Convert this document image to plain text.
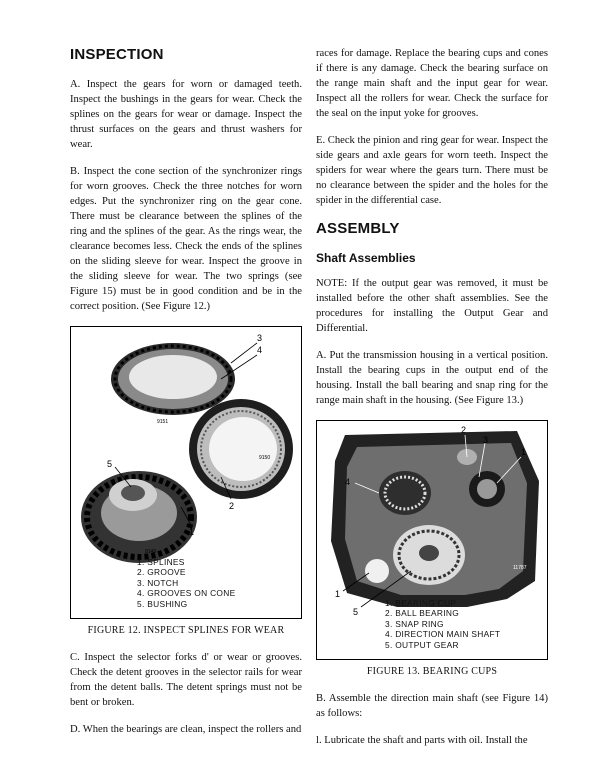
INSPECTION

A. Inspect the gears for worn or damaged teeth. Inspect the bushings in the gears for wear. Check the splines on the gears for wear or damage. Inspect the thrust surfaces on the gears and thrust washers for wear.

B. Inspect the cone section of the synchronizer rings for worn grooves. Check the three notches for worn edges. Put the synchronizer ring on the gear cone. There must be clearance between the splines of the ring and the splines of the gear. As the rings wear, the clearance becomes less. Check the ends of the splines on the sliding sleeve for wear. Inspect the groove in the sliding sleeve for wear. The two springs (see Figure 15) must be in good condition and be in the correct position. (See Figure 12.)

3
4
5
2
1
9151
9150
9149
1. SPLINES
2. GROOVE
3. NOTCH
4. GROOVES ON CONE
5. BUSHING
FIGURE 12. INSPECT SPLINES FOR WEAR

C. Inspect the selector forks d' or wear or grooves. Check the detent grooves in the selector rails for wear from the detent balls. The detent springs must not be bent or broken.

D. When the bearings are clean, inspect the rollers and

races for damage. Replace the bearing cups and cones if there is any damage. Check the bearing surface on the range main shaft and the input gear for wear. Inspect all the rollers for wear. Check the surface for the seal on the input yoke for grooves.

E. Check the pinion and ring gear for wear. Inspect the side gears and axle gears for worn teeth. Inspect the spiders for wear where the gears turn. There must be no clearance between the spider and the holes for the spider in the differential case.

ASSEMBLY
Shaft Assemblies

NOTE: If the output gear was removed, it must be installed before the other shaft assemblies. See the procedures for installing the Output Gear and Differential.

A. Put the transmission housing in a vertical position. Install the bearing cups in the output end of the housing. Install the ball bearing and snap ring for the range main shaft in the housing. (See Figure 13.)

2
3
1
4
1
5
11787
1. BEARING CUP
2. BALL BEARING
3. SNAP RING
4. DIRECTION MAIN SHAFT
5. OUTPUT GEAR
FIGURE 13. BEARING CUPS

B. Assemble the direction main shaft (see Figure 14) as follows:

l. Lubricate the shaft and parts with oil. Install the
